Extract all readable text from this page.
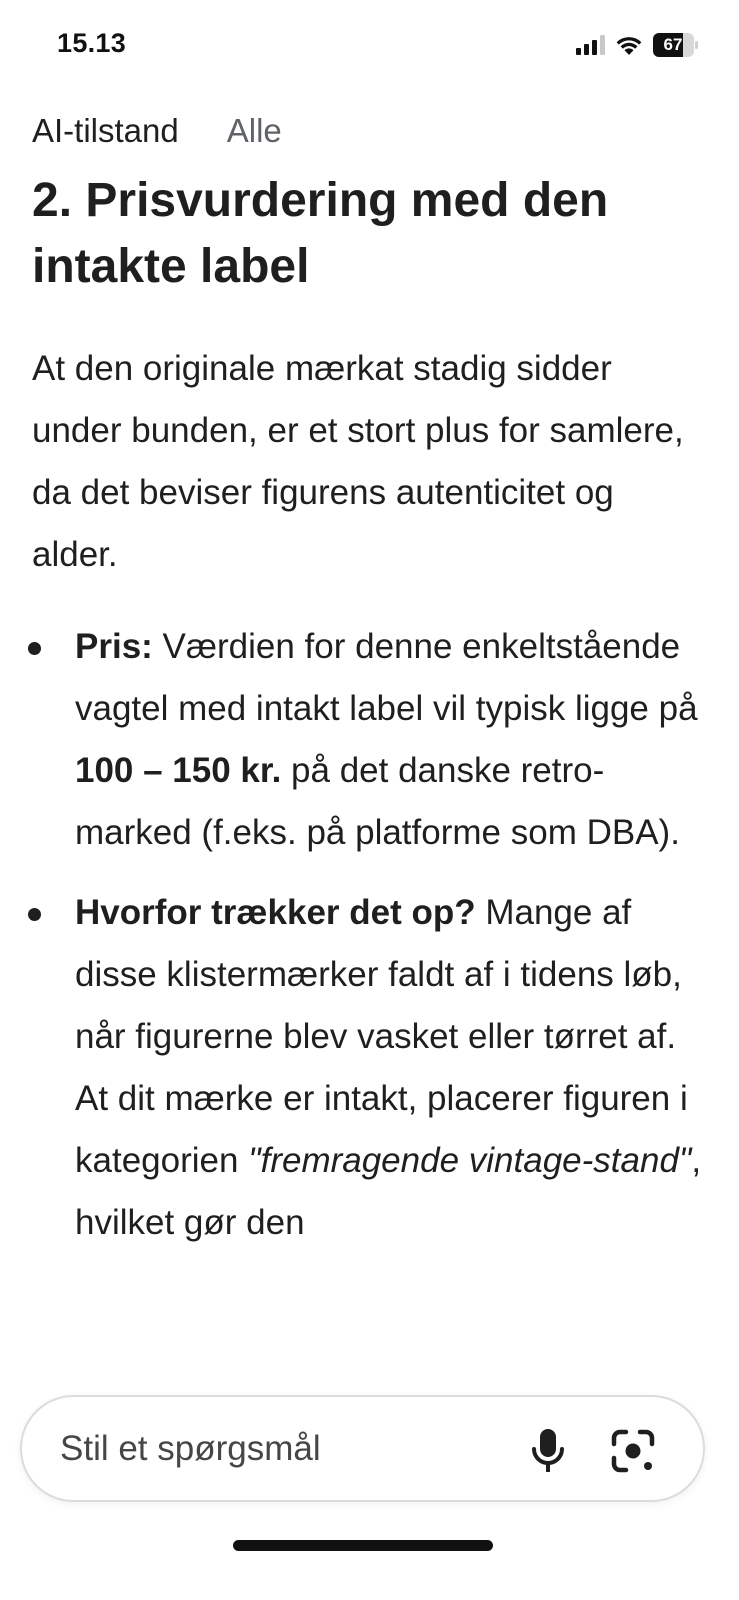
15.13	67
AI-tilstand Alle
2. Prisvurdering med den intakte label

At den originale mærkat stadig sidder under bunden, er et stort plus for samlere, da det beviser figurens autenticitet og alder.

Pris: Værdien for denne enkeltstående vagtel med intakt label vil typisk ligge på 100 – 150 kr. på det danske retro-marked (f.eks. på platforme som DBA).
Hvorfor trækker det op? Mange af disse klistermærker faldt af i tidens løb, når figurerne blev vasket eller tørret af. At dit mærke er intakt, placerer figuren i kategorien "fremragende vintage-stand", hvilket gør den
Stil et spørgsmål
